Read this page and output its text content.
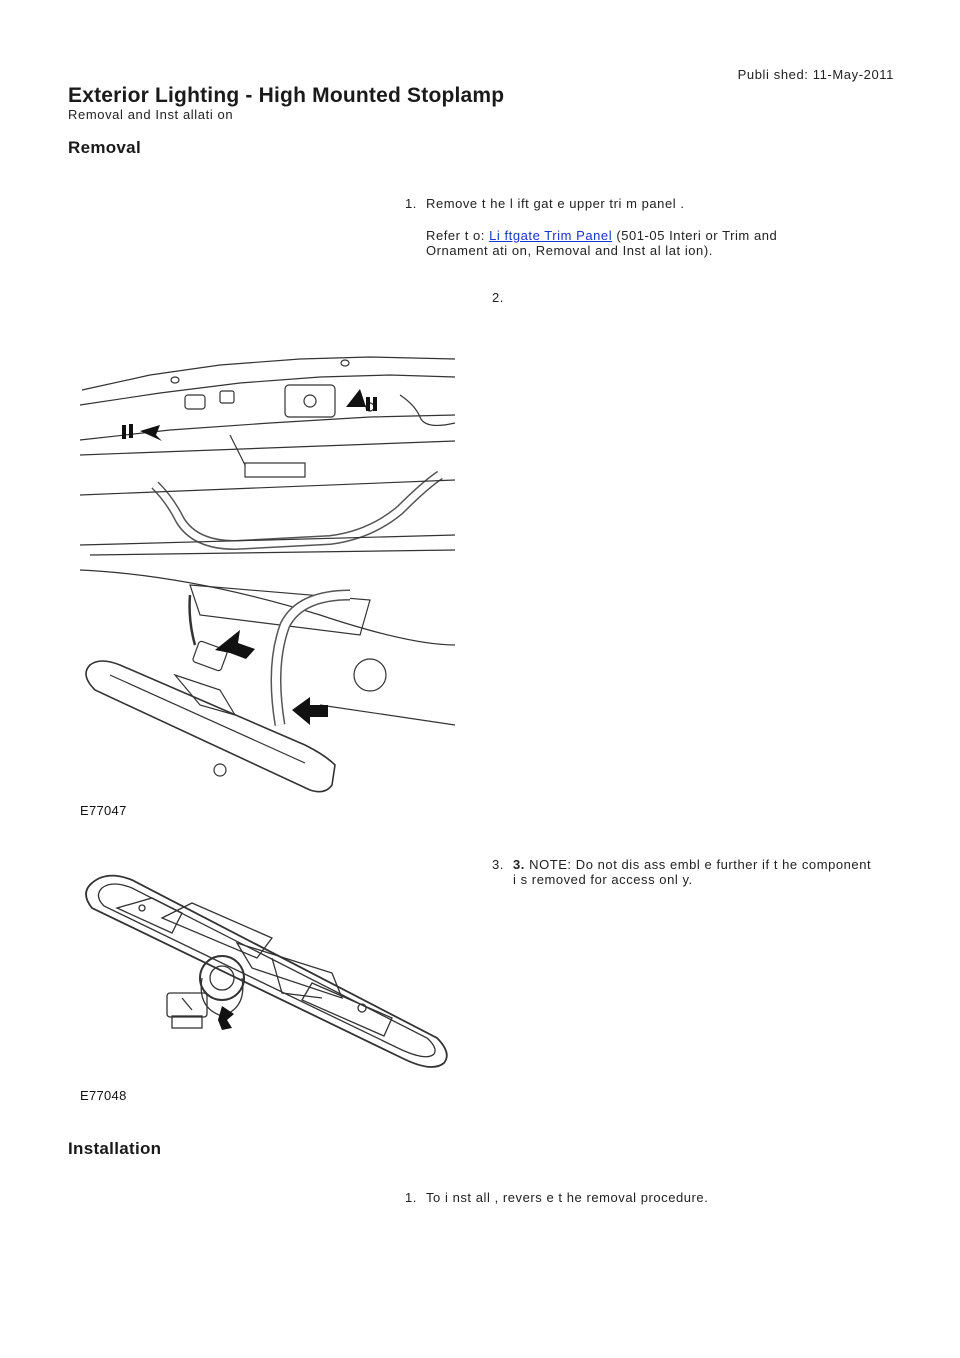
Publi shed: 11-May-2011
Exterior Lighting - High Mounted Stoplamp
Removal and Inst allati on
Removal
1. Remove t he l ift gat e upper tri m panel .
Refer t o: Li ftgate Trim Panel (501-05 Interi or Trim and
Ornament ati on, Removal and Inst al lat ion).
2.
E77047
3. 3. NOTE: Do not dis ass embl e further if t he component
i s removed for access onl y.
E77048
Installation
1. To i nst all , revers e t he removal procedure.
